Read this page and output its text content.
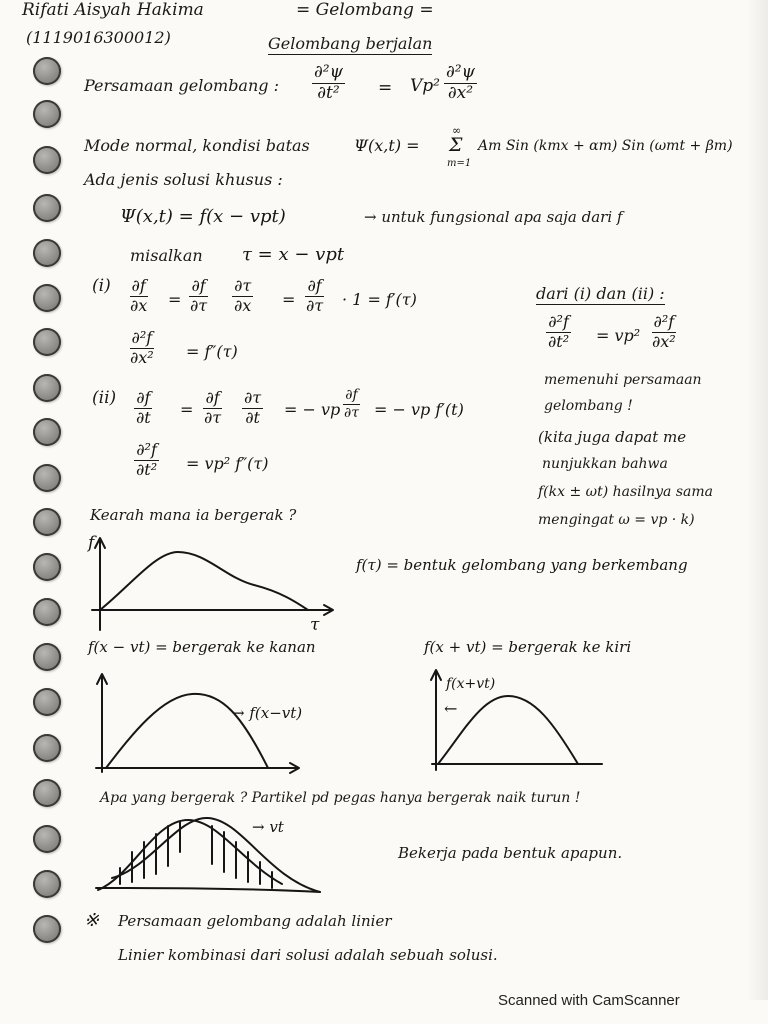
Rifati Aisyah Hakima
(1119016300012)
= Gelombang =
Gelombang berjalan
Persamaan gelombang : $\frac{\text{∂²ψ}}{\text{∂t²}} = Vp^2 \frac{\text{∂²ψ}}{\text{∂x²}}$
Mode normal, kondisi batas	Ψ(x,t) =
∞
Σ
m=1
Am Sin (kmx + αm) Sin (ωmt + βm)
Ada jenis solusi khusus :
Ψ(x,t) = f(x − vpt)	→ untuk fungsional apa saja dari f
misalkan τ = x − vpt
$(i) \frac{\partial f}{\partial x} = \frac{\partial f}{\partial\tau} \frac{\partial\tau}{\partial x} = \frac{\partial f}{\partial\tau} \cdot 1 = f'(\tau)$
$\frac{\text{∂²f}}{\text{∂x²}} = f''(\tau)$
$(ii) \frac{\partial f}{\partial t} = \frac{\partial f}{\partial\tau} \frac{\partial\tau}{\partial t}$ = − vp $\frac{\partial f}{\partial\tau}$ = − vp f′(t)
$\frac{\text{∂²f}}{\text{∂t²}} = vp^2$ f″(τ)
dari (i) dan (ii) :
$\frac{\text{∂²f}}{\text{∂t²}} = vp^2 \frac{\text{∂²f}}{\text{∂x²}}$
memenuhi persamaan
gelombang !
(kita juga dapat me
nunjukkan bahwa
f(kx ± ωt) hasilnya sama
mengingat ω = vp · k)
Kearah mana ia bergerak ?
f
τ
f(τ) = bentuk gelombang yang berkembang
f(x − vt) = bergerak ke kanan	f(x + vt) = bergerak ke kiri
→ f(x−vt)	←
f(x+vt)
Apa yang bergerak ? Partikel pd pegas hanya bergerak naik turun !
→ vt
Bekerja pada bentuk apapun.
※ Persamaan gelombang adalah linier
Linier kombinasi dari solusi adalah sebuah solusi.
Scanned with CamScanner
